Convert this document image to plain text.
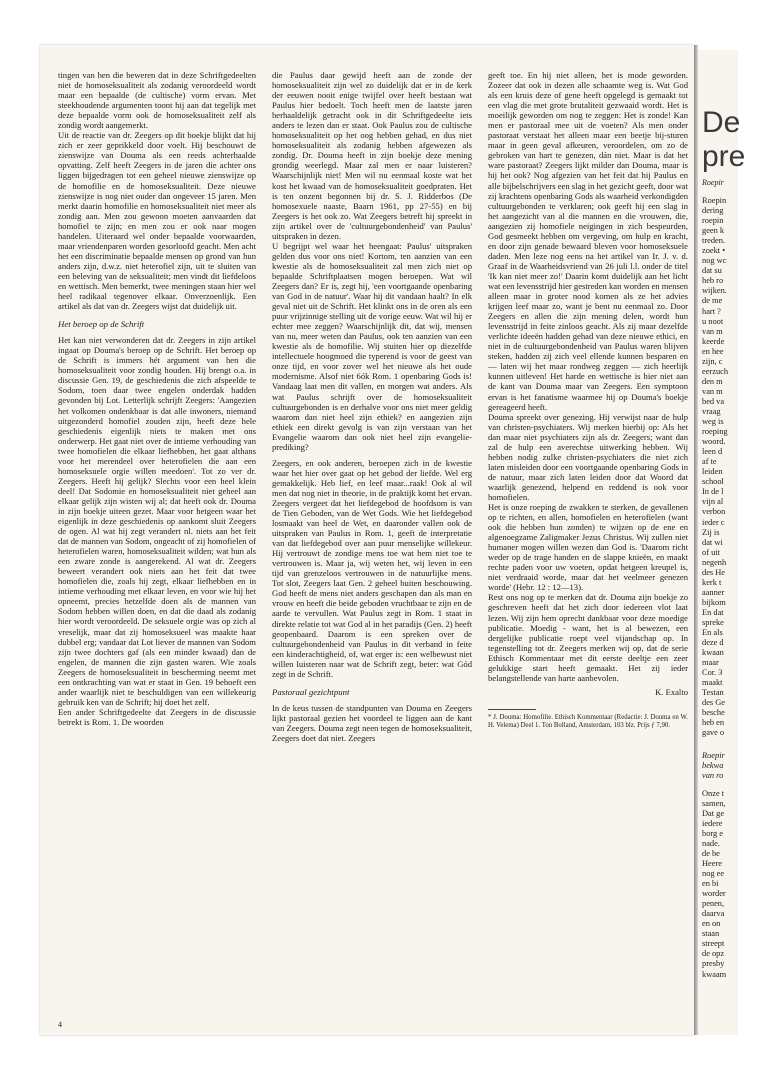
tingen van hen die beweren dat in deze Schriftgedeelten niet de homoseksualiteit als zodanig veroordeeld wordt maar een bepaalde (de cultische) vorm ervan. Met steekhoudende argumenten toont hij aan dat tegelijk met deze bepaalde vorm ook de homoseksualiteit zelf als zondig wordt aangemerkt.

Uit de reactie van dr. Zeegers op dit boekje blijkt dat hij zich er zeer geprikkeld door voelt. Hij beschouwt de zienswijze van Douma als een reeds achterhaalde opvatting. Zelf heeft Zeegers in de jaren die achter ons liggen bijgedragen tot een geheel nieuwe zienswijze op de homofilie en de homoseksualiteit. Deze nieuwe zienswijze is nog niet ouder dan ongeveer 15 jaren. Men merkt daarin homofilie en homoseksualiteit niet meer als zondig aan. Men zou gewoon moeten aanvaarden dat homofiel te zijn; en men zou er ook naar mogen handelen. Uiteraard wel onder bepaalde voorwaarden, maar vriendenparen worden gesorloofd geacht. Men acht het een discriminatie bepaalde mensen op grond van hun anders zijn, d.w.z. niet heterofiel zijn, uit te sluiten van een beleving van de seksualiteit; men vindt dit liefdeloos en wettisch. Men bemerkt, twee meningen staan hier wel heel radikaal tegenover elkaar. Onverzoenlijk. Een artikel als dat van dr. Zeegers wijst dat duidelijk uit.

Het beroep op de Schrift

Het kan niet verwonderen dat dr. Zeegers in zijn artikel ingaat op Douma's beroep op de Schrift. Het beroep op de Schrift is immers hét argument van hen die homoseksualiteit voor zondig houden. Hij brengt o.a. in discussie Gen. 19, de geschiedenis die zich afspeelde te Sodom, toen daar twee engelen onderdak hadden gevonden bij Lot. Letterlijk schrijft Zeegers: 'Aangezien het volkomen ondenkbaar is dat alle inwoners, niemand uitgezonderd homofiel zouden zijn, heeft deze hele geschiedenis eigenlijk niets te maken met ons onderwerp. Het gaat niet over de intieme verhouding van twee homofielen die elkaar liefhebben, het gaat althans voor het merendeel over heterofielen die aan een homoseksuele orgie willen meedoen'. Tot zo ver dr. Zeegers. Heeft hij gelijk? Slechts voor een heel klein deel! Dat Sodomie en homoseksualiteit niet geheel aan elkaar gelijk zijn wisten wij al; dat heeft ook dr. Douma in zijn boekje uiteen gezet. Maar voor hetgeen waar het eigenlijk in deze geschiedenis op aankomt sluit Zeegers de ogen. Al wat hij zegt verandert nl. niets aan het feit dat de mannen van Sodom, ongeacht of zij homofielen of heterofielen waren, homoseksualiteit wilden; wat hun als een zware zonde is aangerekend. Al wat dr. Zeegers beweert verandert ook niets aan het feit dat twee homofielen die, zoals hij zegt, elkaar liefhebben en in intieme verhouding met elkaar leven, en voor wie hij het opneemt, precies hetzelfde doen als de mannen van Sodom hebben willen doen, en dat die daad als zodanig hier wordt veroordeeld. De seksuele orgie was op zich al vreselijk, maar dat zij homoseksueel was maakte haar dubbel erg; vandaar dat Lot liever de mannen van Sodom zijn twee dochters gaf (als een minder kwaad) dan de engelen, de mannen die zijn gasten waren. Wie zoals Zeegers de homoseksualiteit in bescherming neemt met een ontkrachting van wat er staat in Gen. 19 behoeft een ander waarlijk niet te beschuldigen van een willekeurig gebruik ken van de Schrift; hij doet het zelf.

Een ander Schriftgedeelte dat Zeegers in de discussie betrekt is Rom. 1. De woorden

die Paulus daar gewijd heeft aan de zonde der homoseksualiteit zijn wel zo duidelijk dat er in de kerk der eeuwen nooit enige twijfel over heeft bestaan wat Paulus hier bedoelt. Toch heeft men de laatste jaren herhaaldelijk getracht ook in dit Schriftgedeelte iets anders te lezen dan er staat. Ook Paulus zou de cultische homoseksualiteit op het oog hebben gehad, en dus niet homoseksualiteit als zodanig hebben afgewezen als zondig. Dr. Douma heeft in zijn boekje deze mening grondig weerlegd. Maar zal men er naar luisteren? Waarschijnlijk niet! Men wil nu eenmaal koste wat het kost het kwaad van de homoseksualiteit goedpraten. Het is ten onzent begonnen bij dr. S. J. Ridderbos (De homosexuele naaste, Baarn 1961, pp 27-55) en bij Zeegers is het ook zo. Wat Zeegers betreft hij spreekt in zijn artikel over de 'cultuurgebondenheid' van Paulus' uitspraken in dezen.

U begrijpt wel waar het heengaat: Paulus' uitspraken gelden dus voor ons niet! Kortom, ten aanzien van een kwestie als de homoseksualiteit zal men zich niet op bepaalde Schriftplaatsen mogen beroepen. Wat wil Zeegers dan? Er is, zegt hij, 'een voortgaande openbaring van God in de natuur'. Waar hij dit vandaan haalt? In elk geval niet uit de Schrift. Het klinkt ons in de oren als een puur vrijzinnige stelling uit de vorige eeuw. Wat wil hij er echter mee zeggen? Waarschijnlijk dit, dat wij, mensen van nu, meer weten dan Paulus, ook ten aanzien van een kwestie als de homofilie. Wij stuiten hier op diezelfde intellectuele hoogmoed die typerend is voor de geest van onze tijd, en voor zover wel het nieuwe als het oude modernisme. Alsof niet 6ók Rom. 1 openbaring Gods is! Vandaag laat men dit vallen, en morgen wat anders. Als wat Paulus schrijft over de homoseksualiteit cultuurgebonden is en derhalve voor ons niet meer geldig waarom dan niet heel zijn ethiek? en aangezien zijn ethiek een direkt gevolg is van zijn verstaan van het Evangelie waarom dan ook niet heel zijn evangelie-prediking?

Zeegers, en ook anderen, beroepen zich in de kwestie waar het hier over gaat op het gebod der liefde. Wel erg gemakkelijk. Heb lief, en leef maar...raak! Ook al wil men dat nog niet in theorie, in de praktijk komt het ervan. Zeegers vergeet dat het liefdegebod de hoofdsom is van de Tien Geboden, van de Wet Gods. Wie het liefdegebod losmaakt van heel de Wet, en daaronder vallen ook de uitspraken van Paulus in Rom. 1, geeft de interpretatie van dat liefdegebod over aan puur menselijke willekeur. Hij vertrouwt de zondige mens toe wat hem niet toe te vertrouwen is. Maar ja, wij weten het, wij leven in een tijd van grenzeloos vertrouwen in de natuurlijke mens. Tot slot, Zeegers laat Gen. 2 geheel buiten beschouwing. God heeft de mens niet anders geschapen dan als man en vrouw en heeft die beide geboden vruchtbaar te zijn en de aarde te vervullen. Wat Paulus zegt in Rom. 1 staat in direkte relatie tot wat God al in het paradijs (Gen. 2) heeft geopenbaard. Daarom is een spreken over de cultuurgebondenheid van Paulus in dit verband in feite een kinderachtigheid, of, wat erger is: een welbewust niet willen luisteren naar wat de Schrift zegt, beter: wat Gód zegt in de Schrift.

Pastoraal gezichtpunt

In de keus tussen de standpunten van Douma en Zeegers lijkt pastoraal gezien het voordeel te liggen aan de kant van Zeegers. Douma zegt neen tegen de homoseksualiteit, Zeegers doet dat niet. Zeegers

geeft toe. En hij niet alleen, het is mode geworden. Zozeer dat ook in dezen alle schaamte weg is. Wat God als een kruis deze of gene heeft opgelegd is gemaakt tot een vlag die met grote brutaliteit gezwaaid wordt. Het is moeilijk geworden om nog te zeggen: Het is zonde! Kan men er pastoraal mee uit de voeten? Als men onder pastoraat verstaat het alleen maar een beetje bij-sturen maar in geen geval afkeuren, veroordelen, om zo de gebroken van hart te genezen, dán niet. Maar is dat het ware pastoraat? Zeegers lijkt milder dan Douma, maar is hij het ook? Nog afgezien van het feit dat hij Paulus en alle bijbelschrijvers een slag in het gezicht geeft, door wat zij krachtens openbaring Gods als waarheid verkondigden cultuurgebonden te verklaren; ook geeft hij een slag in het aangezicht van al die mannen en die vrouwen, die, aangezien zij homofiele neigingen in zich bespeurden, God gesmeekt hebben om vergeving, om hulp en kracht, en door zijn genade bewaard bleven voor homoseksuele daden. Men leze nog eens na het artikel van Ir. J. v. d. Graaf in de Waarheidsvriend van 26 juli l.l. onder de titel 'Ik kan niet meer zo!' Daarin komt duidelijk aan het licht wat een levensstrijd hier gestreden kan worden en mensen alleen maar in groter nood komen als ze het advies krijgen leef maar zo, want je bent nu eenmaal zo. Door Zeegers en allen die zijn mening delen, wordt hun levensstrijd in feite zinloos geacht. Als zij maar dezelfde verlichte ideeën hadden gehad van deze nieuwe ethici, en niet in de cultuurgebondenheid van Paulus waren blijven steken, hadden zij zich veel ellende kunnen besparen en — laten wij het maar rondweg zeggen — zich heerlijk kunnen uitleven! Het harde en wettische is hier niet aan de kant van Douma maar van Zeegers. Een symptoon ervan is het fanatisme waarmee hij op Douma's boekje gereageerd heeft.

Douma spreekt over genezing. Hij verwijst naar de hulp van christen-psychiaters. Wij merken hierbij op: Als het dan maar niet psychiaters zijn als dr. Zeegers; want dan zal de hulp een averechtse uitwerking hebben. Wij hebben nodig zulke christen-psychiaters die niet zich laten misleiden door een voortgaande openbaring Gods in de natuur, maar zich laten leiden door dat Woord dat waarlijk genezend, helpend en reddend is ook voor homofielen.

Het is onze roeping de zwakken te sterken, de gevallenen op te richten, en allen, homofielen en heterofielen (want ook die hebben hun zonden) te wijzen op de ene en algenoegzame Zaligmaker Jezus Christus. Wij zullen niet humaner mogen willen wezen dan God is. 'Daarom richt weder op de trage handen en de slappe knieën, en maakt rechte paden voor uw voeten, opdat hetgeen kreupel is, niet verdraaid worde, maar dat het veelmeer genezen worde' (Hebr. 12 : 12—13).

Rest ons nog op te merken dat dr. Douma zijn boekje zo geschreven heeft dat het zich door iedereen vlot laat lezen. Wij zijn hem oprecht dankbaar voor deze moedige publicatie. Moedig - want, het is al bewezen, een dergelijke publicatie roept veel vijandschap op. In tegenstelling tot dr. Zeegers merken wij op, dat de serie Ethisch Kommentaar met dit eerste deeltje een zeer gelukkige start heeft gemaakt. Het zij ieder belangstellende van harte aanbevolen.

K. Exalto

* J. Douma: Homofilie. Ethisch Kommentaar (Redactie: J. Douma en W. H. Velema) Deel 1. Ton Bolland, Amsterdam, 103 blz. Prijs ƒ 7,90.

4
De
pre
Roepir
Roepin
dering
roepin
geen k
treden.
zoekt •
nog wc
dat su
heb ro
wijken.
de me
hart ?
u noot
van m
keerde
en hee
zijn, c
eerzuch
den m
van m
bed va
vraag
weg is
roeping
woord.
leen d
af te
leiden
school
In de l
vijn al
verbon
ieder c
Zij is
dat wi
of uit
negenh
des He
kerk t
aanner
bijkom
En dat
spreke
En als
deze d
kwaan
maar
Cor. 3
maakt
Testan
des Ge
besche
heb en
gave o
Roepir
bekwa
van ro
Onze t
samen,
Dat ge
iedere
borg e
nade.
de be
Heere
nog ee
en bi
worder
penen,
daarva
en on
staan
streept
de opz
presby
kwaam
